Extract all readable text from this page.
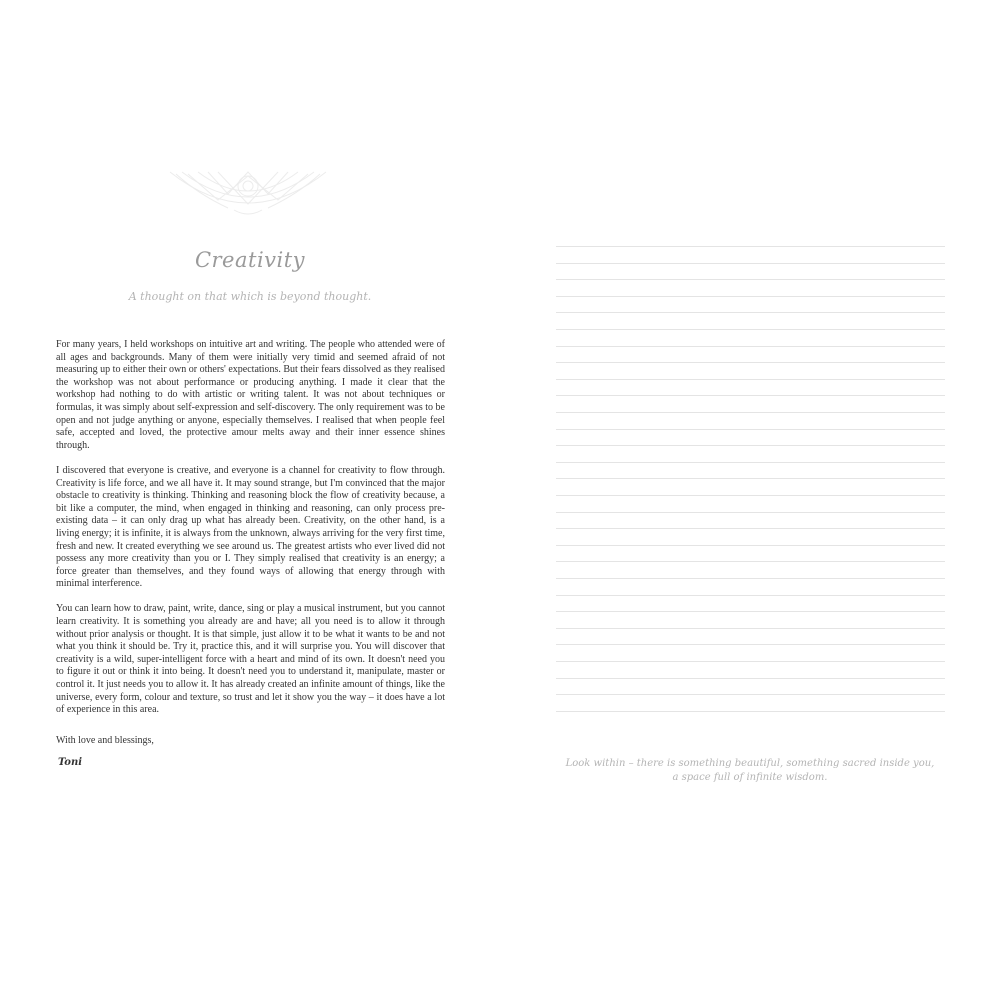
Creativity
A thought on that which is beyond thought.

For many years, I held workshops on intuitive art and writing. The people who attended were of all ages and backgrounds. Many of them were initially very timid and seemed afraid of not measuring up to either their own or others' expectations. But their fears dissolved as they realised the workshop was not about performance or producing anything. I made it clear that the workshop had nothing to do with artistic or writing talent. It was not about techniques or formulas, it was simply about self-expression and self-discovery. The only requirement was to be open and not judge anything or anyone, especially themselves. I realised that when people feel safe, accepted and loved, the protective amour melts away and their inner essence shines through.

I discovered that everyone is creative, and everyone is a channel for creativity to flow through. Creativity is life force, and we all have it. It may sound strange, but I'm convinced that the major obstacle to creativity is thinking. Thinking and reasoning block the flow of creativity because, a bit like a computer, the mind, when engaged in thinking and reasoning, can only process pre-existing data – it can only drag up what has already been. Creativity, on the other hand, is a living energy; it is infinite, it is always from the unknown, always arriving for the very first time, fresh and new. It created everything we see around us. The greatest artists who ever lived did not possess any more creativity than you or I. They simply realised that creativity is an energy; a force greater than themselves, and they found ways of allowing that energy through with minimal interference.

You can learn how to draw, paint, write, dance, sing or play a musical instrument, but you cannot learn creativity. It is something you already are and have; all you need is to allow it through without prior analysis or thought. It is that simple, just allow it to be what it wants to be and not what you think it should be. Try it, practice this, and it will surprise you. You will discover that creativity is a wild, super-intelligent force with a heart and mind of its own. It doesn't need you to figure it out or think it into being. It doesn't need you to understand it, manipulate, master or control it. It just needs you to allow it. It has already created an infinite amount of things, like the universe, every form, colour and texture, so trust and let it show you the way – it does have a lot of experience in this area.

With love and blessings,
Toni	Look within – there is something beautiful, something sacred inside you,
a space full of infinite wisdom.
